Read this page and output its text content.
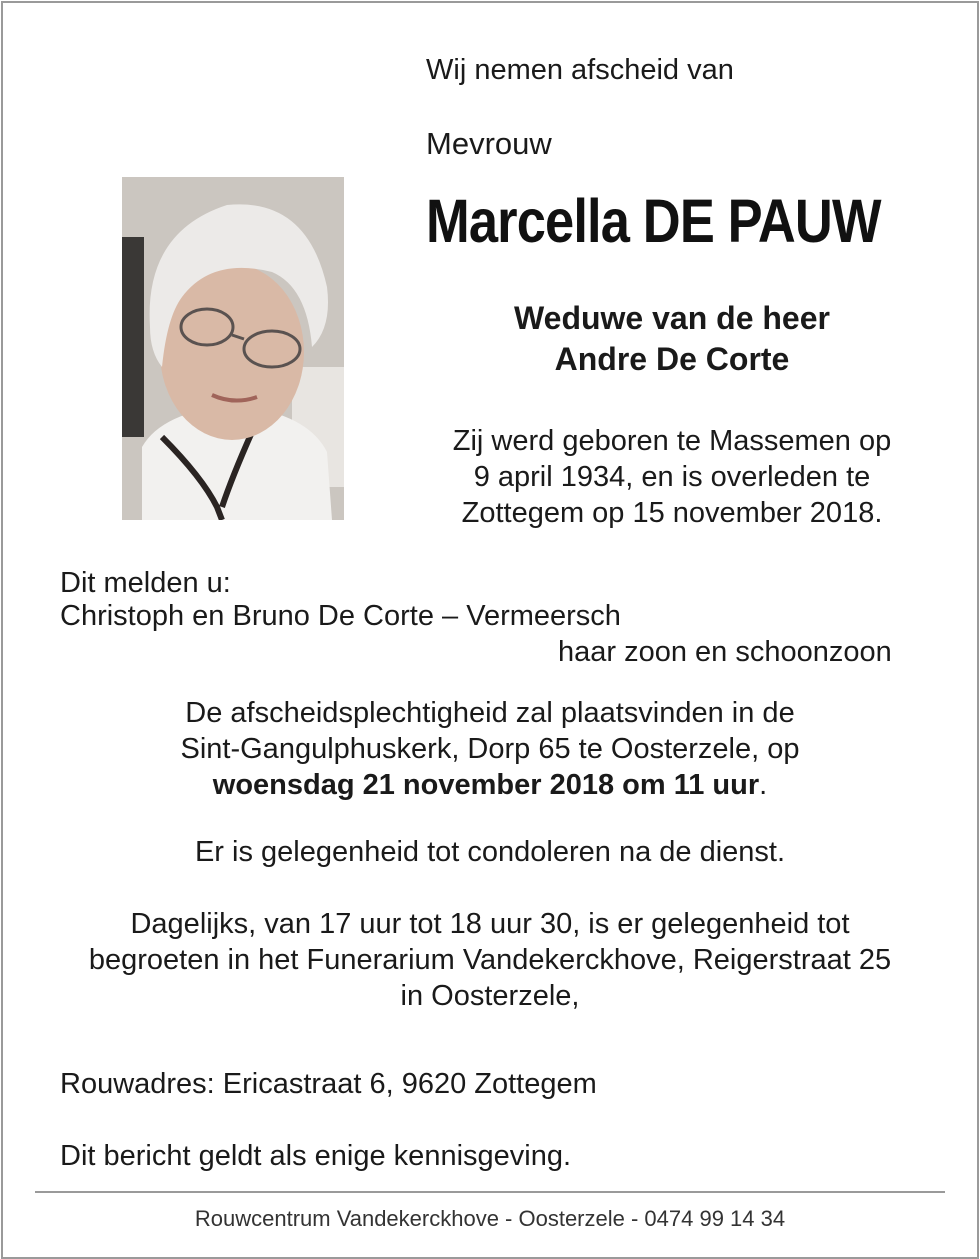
Wij nemen afscheid van

Mevrouw

Marcella DE PAUW
Weduwe van de heer
Andre De Corte
Zij werd geboren te Massemen op
9 april 1934, en is overleden te
Zottegem op 15 november 2018.

Dit melden u:

Christoph en Bruno De Corte – Vermeersch

haar zoon en schoonzoon

De afscheidsplechtigheid zal plaatsvinden in de
Sint-Gangulphuskerk, Dorp 65 te Oosterzele, op
woensdag 21 november 2018 om 11 uur.

Er is gelegenheid tot condoleren na de dienst.

Dagelijks, van 17 uur tot 18 uur 30, is er gelegenheid tot
begroeten in het Funerarium Vandekerckhove, Reigerstraat 25
in Oosterzele,

Rouwadres: Ericastraat 6, 9620 Zottegem

Dit bericht geldt als enige kennisgeving.

Rouwcentrum Vandekerckhove - Oosterzele - 0474 99 14 34
